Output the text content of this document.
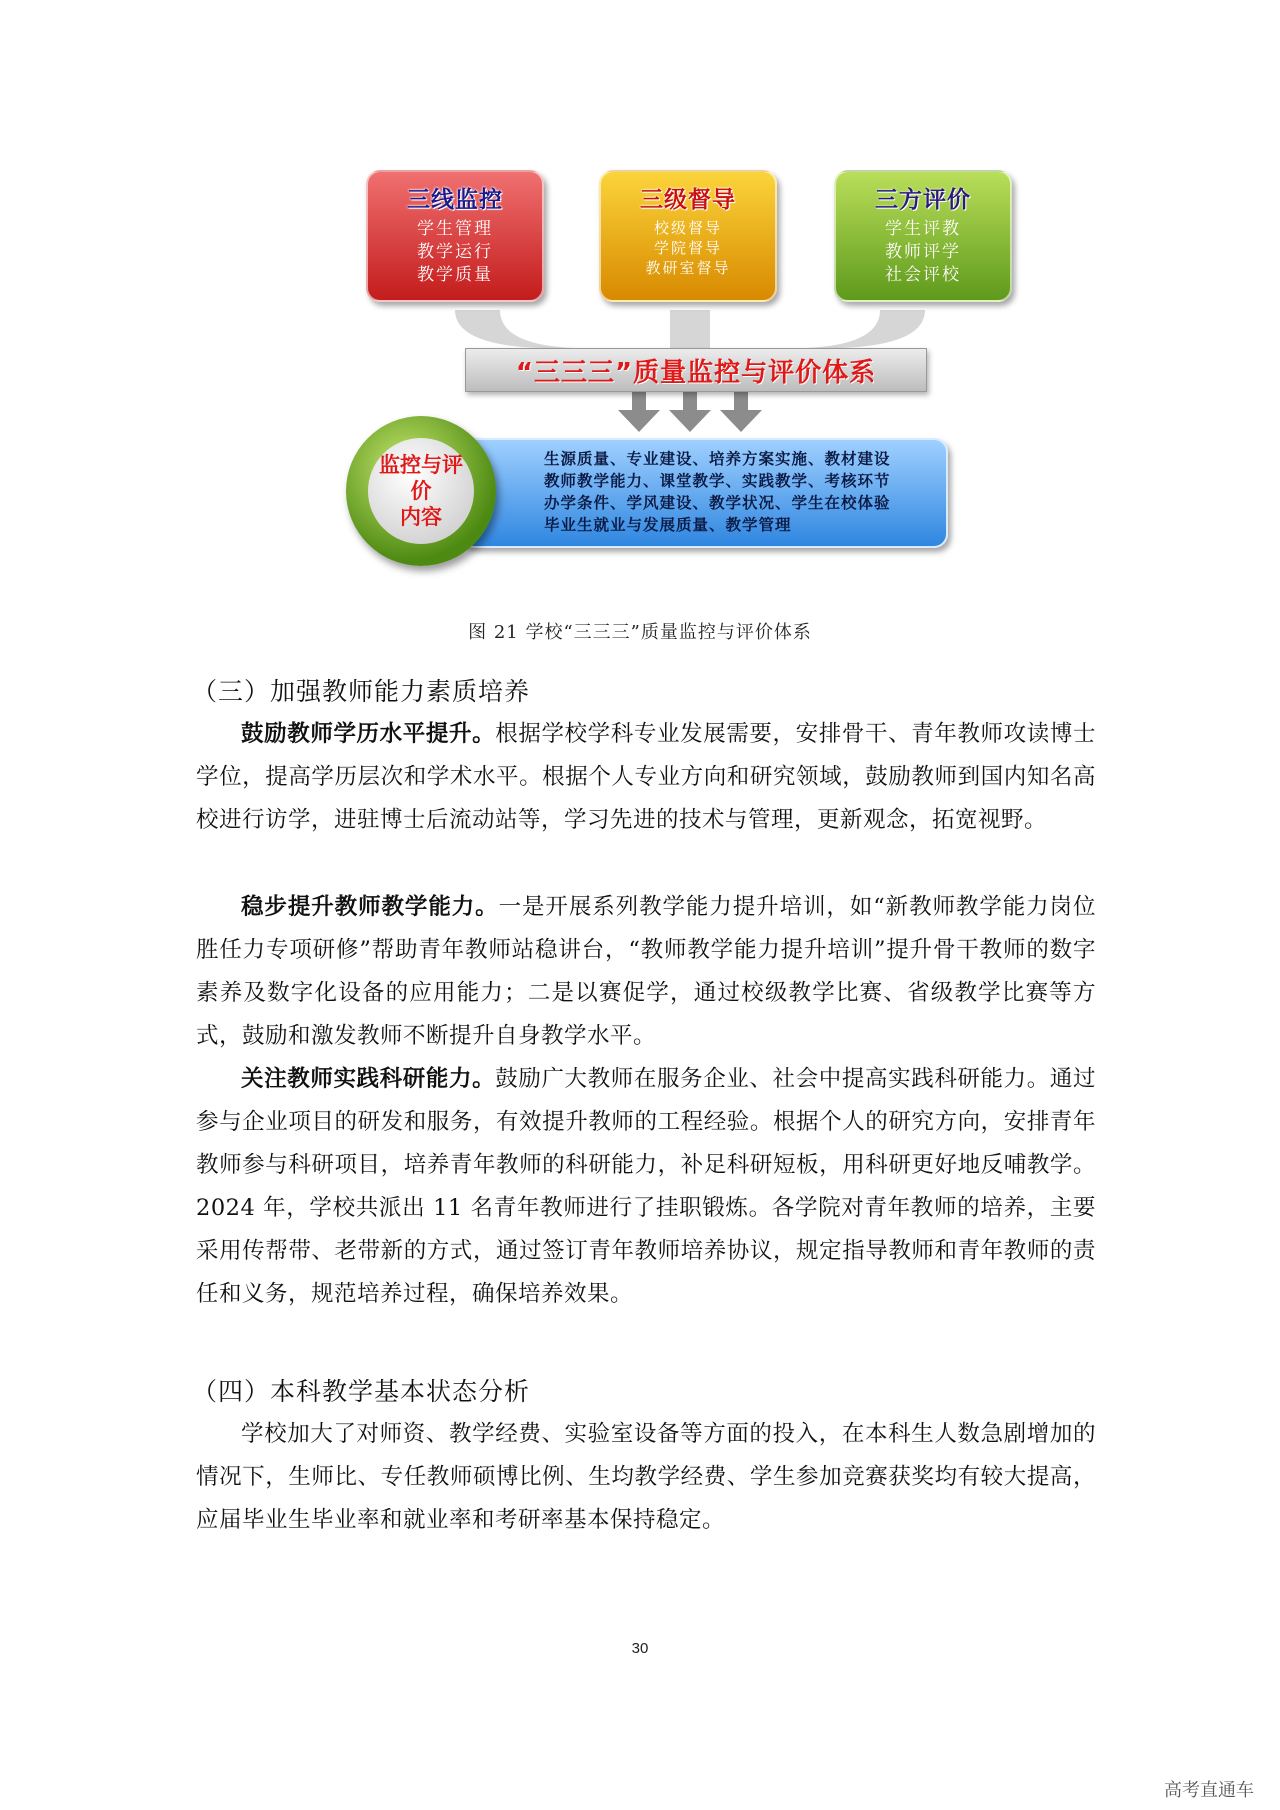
三线监控
学生管理
教学运行
教学质量
三级督导
校级督导
学院督导
教研室督导
三方评价
学生评教
教师评学
社会评校
“三三三”质量监控与评价体系
生源质量、专业建设、培养方案实施、教材建设
教师教学能力、课堂教学、实践教学、考核环节
办学条件、学风建设、教学状况、学生在校体验
毕业生就业与发展质量、教学管理
监控与评价
内容
图 21 学校“三三三”质量监控与评价体系
（三）加强教师能力素质培养
鼓励教师学历水平提升。根据学校学科专业发展需要，安排骨干、青年教师攻读博士学位，提高学历层次和学术水平。根据个人专业方向和研究领域，鼓励教师到国内知名高校进行访学，进驻博士后流动站等，学习先进的技术与管理，更新观念，拓宽视野。
稳步提升教师教学能力。一是开展系列教学能力提升培训，如“新教师教学能力岗位胜任力专项研修”帮助青年教师站稳讲台，“教师教学能力提升培训”提升骨干教师的数字素养及数字化设备的应用能力；二是以赛促学，通过校级教学比赛、省级教学比赛等方式，鼓励和激发教师不断提升自身教学水平。
关注教师实践科研能力。鼓励广大教师在服务企业、社会中提高实践科研能力。通过参与企业项目的研发和服务，有效提升教师的工程经验。根据个人的研究方向，安排青年教师参与科研项目，培养青年教师的科研能力，补足科研短板，用科研更好地反哺教学。2024 年，学校共派出 11 名青年教师进行了挂职锻炼。各学院对青年教师的培养，主要采用传帮带、老带新的方式，通过签订青年教师培养协议，规定指导教师和青年教师的责任和义务，规范培养过程，确保培养效果。
（四）本科教学基本状态分析
学校加大了对师资、教学经费、实验室设备等方面的投入，在本科生人数急剧增加的情况下，生师比、专任教师硕博比例、生均教学经费、学生参加竞赛获奖均有较大提高，应届毕业生毕业率和就业率和考研率基本保持稳定。
30
高考直通车
